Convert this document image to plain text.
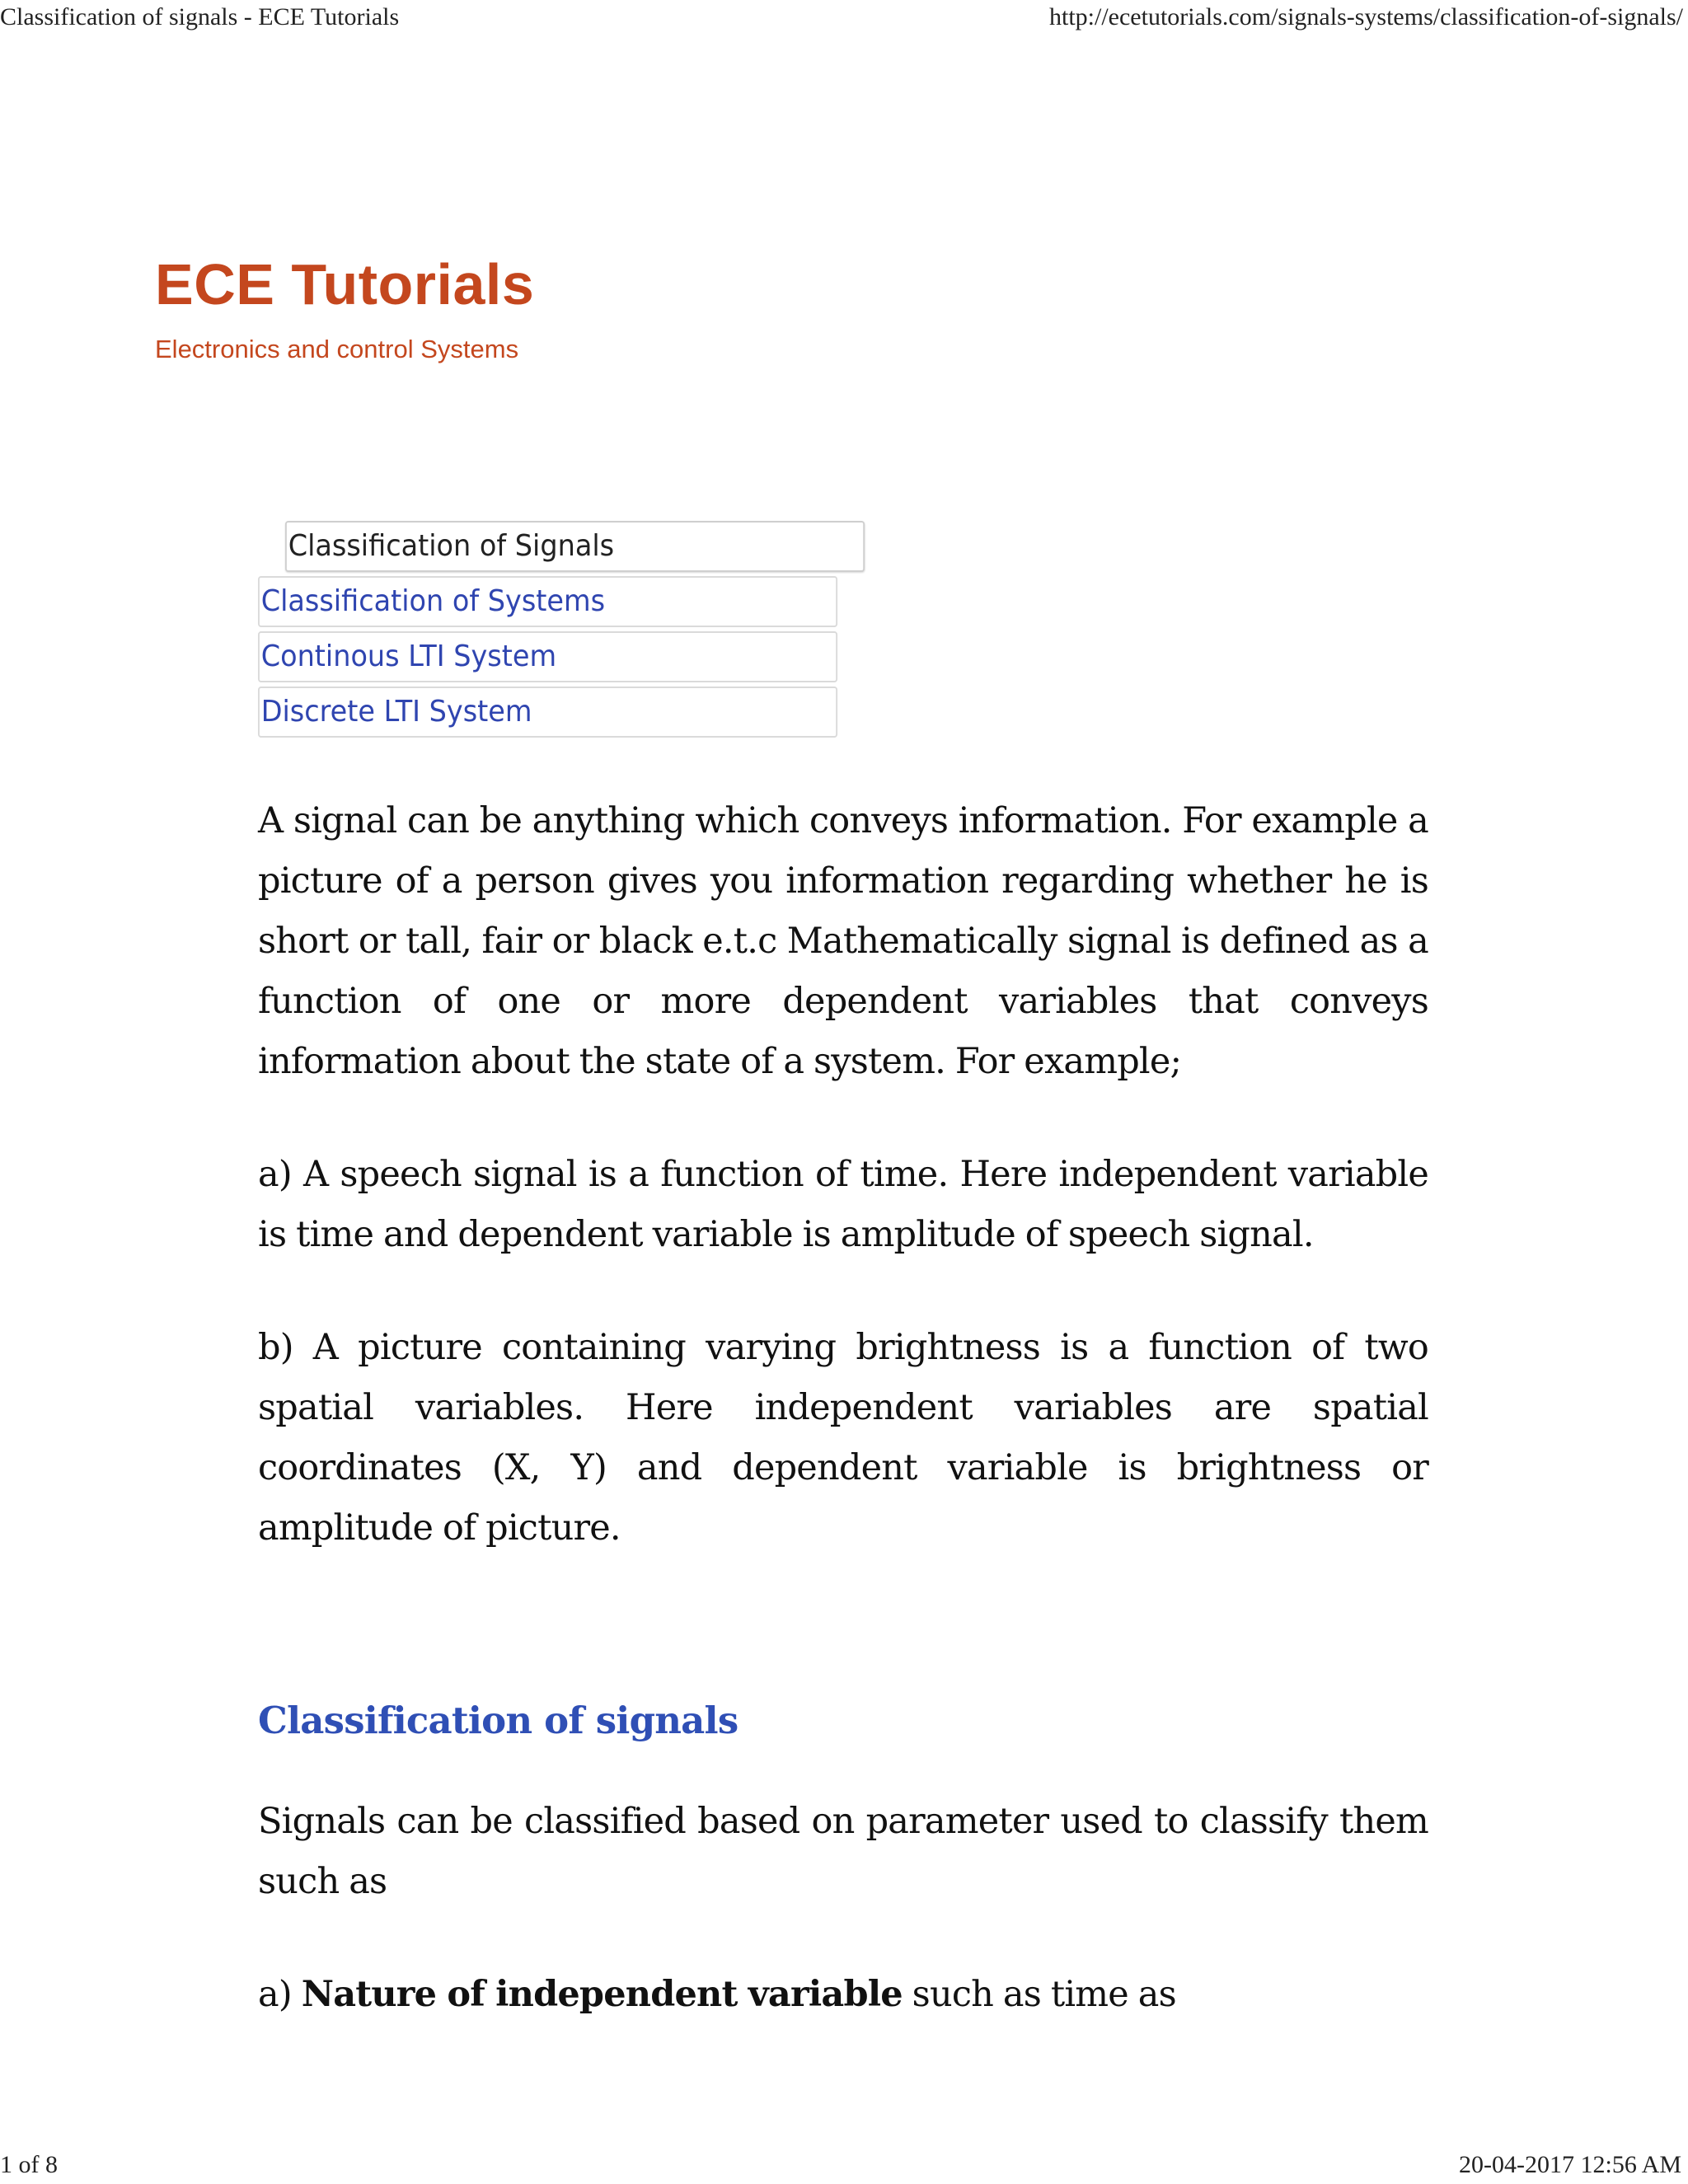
Classification of signals - ECE Tutorials	http://ecetutorials.com/signals-systems/classification-of-signals/
ECE Tutorials
Electronics and control Systems
Classification of Signals
Classification of Systems
Continous LTI System
Discrete LTI System

A signal can be anything which conveys information. For example a picture of a person gives you information regarding whether he is short or tall, fair or black e.t.c Mathematically signal is defined as a function of one or more dependent variables that conveys information about the state of a system. For example;

a) A speech signal is a function of time. Here independent variable is time and dependent variable is amplitude of speech signal.

b) A picture containing varying brightness is a function of two spatial variables. Here independent variables are spatial coordinates (X, Y) and dependent variable is brightness or amplitude of picture.

Classification of signals

Signals can be classified based on parameter used to classify them such as

a) Nature of independent variable such as time as

1 of 8	20-04-2017 12:56 AM
